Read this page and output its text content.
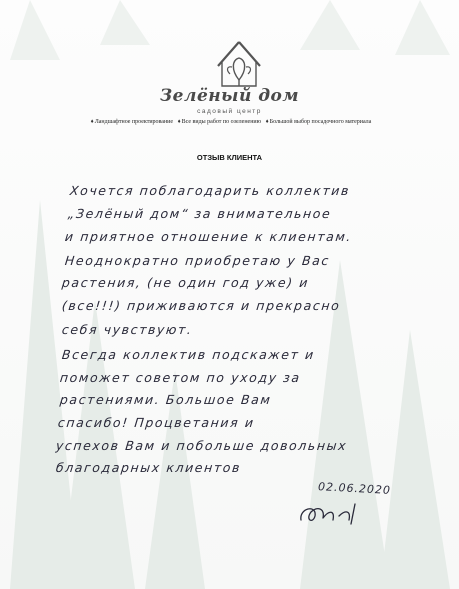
Зелёный дом
садовый центр
♦Ландшафтное проектирование ♦Все виды работ по озеленению ♦Большой выбор посадочного материала
ОТЗЫВ КЛИЕНТА
Хочется поблагодарить коллектив
„Зелёный дом“ за внимательное
и приятное отношение к клиентам.
Неоднократно приобретаю у Вас
растения, (не один год уже) и
(все!!!) приживаются и прекрасно
себя чувствуют.
Всегда коллектив подскажет и
поможет советом по уходу за
растениями. Большое Вам
спасибо! Процветания и
успехов Вам и побольше довольных
благодарных клиентов
02.06.2020
